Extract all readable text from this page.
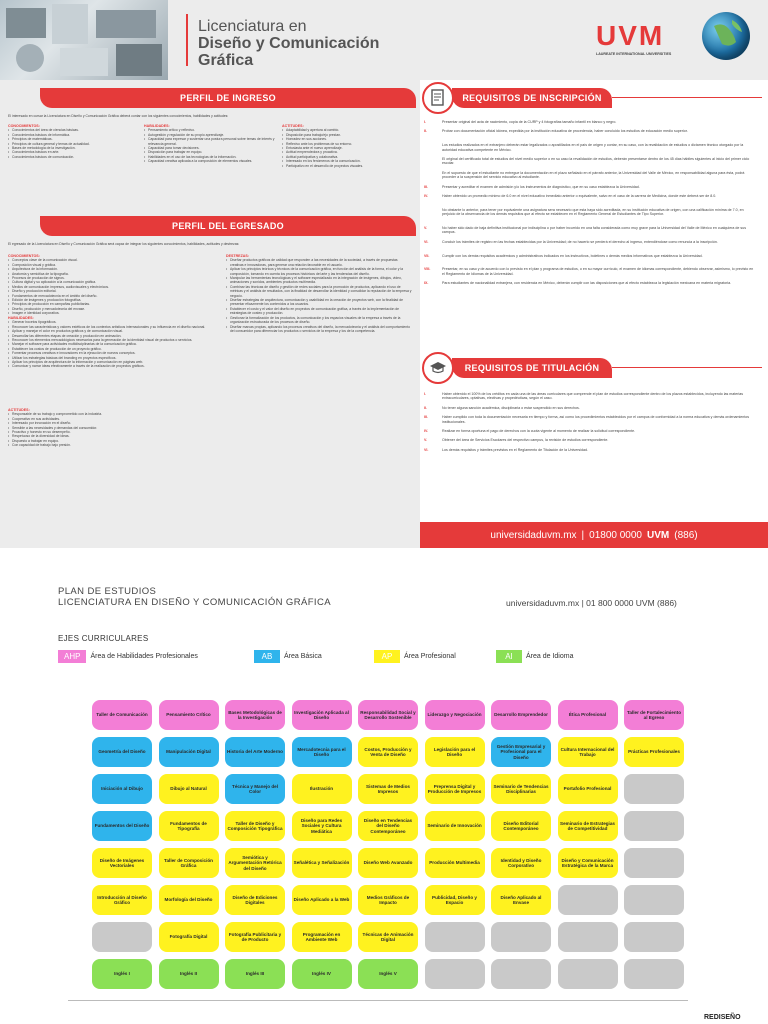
Licenciatura en
Diseño y Comunicación
Gráfica
UVM
LAUREATE INTERNATIONAL UNIVERSITIES
PERFIL DE INGRESO
El interesado en cursar la Licenciatura en Diseño y Comunicación Gráfica deberá contar con los siguientes conocimientos, habilidades y actitudes:
CONOCIMIENTOS:
• Conocimientos del área de ciencias básicas.
• Conocimientos básicos de informática.
• Principios de matemáticas.
• Principios de cultura general y temas de actualidad.
• Bases de metodología de la investigación.
• Conocimientos básicos en arte.
• Conocimientos básicos de comunicación.
HABILIDADES:
• Pensamiento crítico y reflexivo.
• Autogestión y regulación de su propio aprendizaje.
• Capacidad para expresar y sustentar una postura personal sobre temas de interés y relevancia general.
• Capacidad para tomar decisiones.
• Disposición para trabajar en equipo.
• Habilidades en el uso de las tecnologías de la información.
• Capacidad creativa aplicada a la composición de elementos visuales.
ACTITUDES:
• Adaptabilidad y apertura al cambio.
• Disposición para trabajo/ejo prestan.
• Honradez en sus acciones.
• Reflexivo ante los problemas de su entorno.
• Entusiasta ante el nuevo aprendizaje.
• Actitud emprendedora y proactiva.
• Actitud participativa y colaborativa.
• Interesado en los fenómenos de la comunicación.
• Participativo en el desarrollo de proyectos visuales.
PERFIL DEL EGRESADO
El egresado de la Licenciatura en Diseño y Comunicación Gráfica será capaz de integrar los siguientes conocimientos, habilidades, actitudes y destrezas:
CONOCIMIENTOS:
• Conceptos clave de la comunicación visual.
• Composición visual y gráfica.
• Arquitectura de la información.
• Anatomía y semiótica de la tipografía.
• Procesos de producción de signos.
• Cultura digital y su aplicación a la comunicación gráfica.
• Medios de comunicación impresos, audiovisuales y electrónicos.
• Diseño y producción editorial.
• Fundamentos de mercadotecnia en el ámbito del diseño.
• Edición de imágenes y producción fotográfica.
• Principios de producción en campañas publicitarias.
• Diseño, producción y mercadotecnia del envase.
• Imagen e identidad corporativa.
HABILIDADES:
• Generar bocetos tipográficos.
• Reconocer las características y valores estéticos de los contextos artísticos internacionales y su influencia en el diseño nacional.
• Aplicar y manejar el color en productos gráficos y de comunicación visual.
• Desarrollar las diferentes etapas de creación y producción en animación.
• Reconocer los elementos mercadológicos necesarios para la generación de la identidad visual de productos o servicios.
• Manejar el software para actividades multidisciplinarias de la comunicación gráfica.
• Establecer los costos de producción de un proyecto gráfico.
• Fomentar procesos creativos e innovadores en la ejecución de nuevos conceptos.
• Utilizar los estrategias básicas del branding en proyectos específicos.
• Aplicar los principios de arquitectura de la información y comunicación en páginas web.
• Comunicar y narrar ideas efectivamente a través de la realización de proyectos gráficos.
ACTITUDES:
• Responsable de su trabajo y comprometido con la industria.
• Cooperativo en sus actividades.
• Interesado por innovación en el diseño.
• Sensible a las necesidades y demandas del consumidor.
• Proactivo y honesto en su desempeño.
• Respetuoso de la diversidad de ideas.
• Dispuesto a trabajar en equipo.
• Con capacidad de trabajo bajo presión.
DESTREZAS:
• Diseñar productos gráficos de calidad que responden a las necesidades de la sociedad, a través de propuestas creativas e innovadoras, para generar una relación favorable en el usuario.
• Aplicar los principios teóricos y técnicos de la comunicación gráfica, en función del análisis de la forma, el color y la composición, tomando en cuenta los procesos históricos del arte y las tendencias del diseño.
• Manipular las herramientas tecnológicas y el software especializado en la integración de imágenes, dibujos, video, animaciones y sonidos, ambientes productos multimedia.
• Combinar las técnicas de diseño y gestión de redes sociales para la promoción de productos, aplicando el uso de métricas y el análisis de resultados, con la finalidad de desarrollar la identidad y consolidar la reputación de la empresa y negocio.
• Diseñar estrategias de arquitectura, comunicación y usabilidad en la creación de proyectos web, con la finalidad de presentar eficazmente los contenidos a los usuarios.
• Establecer el costo y el valor del diseño en proyectos de comunicación gráfica, a través de la implementación de estrategias de costeo y producción.
• Gestionar la formalización de los productos, la comunicación y los espacios visuales de la empresa a través de la organización estructurada de los procesos de diseño.
• Diseñar marcas propias, aplicando los procesos creativos del diseño, la mercadotecnia y el análisis del comportamiento del consumidor para diferenciar los productos o servicios de la empresa y los de la competencia.
REQUISITOS DE INSCRIPCIÓN
I.	Presentar original del acta de nacimiento, copia de la CURP y 4 fotografías tamaño infantil en blanco y negro.
II.	Probar con documentación oficial idónea, expedida por la institución educativa de procedencia, haber concluido los estudios de educación medio superior.
Los estudios realizados en el extranjero deberán estar legalizados o apostillados en el país de origen y contar, en su caso, con la revalidación de estudios o dictamen técnico otorgado por la autoridad educativa competente en México.
El original del certificado total de estudios del nivel medio superior o en su caso la revalidación de estudios, deberán presentarse dentro de los 45 días hábiles siguientes al inicio del primer ciclo escolar.
En el supuesto de que el estudiante no entregue la documentación en el plazo señalado en el párrafo anterior, la Universidad del Valle de México, en responsabilidad alguna para ésta, podrá proceder a la suspensión del servicio educativo al estudiante.
III.	Presentar y acreditar el examen de admisión y/o los instrumentos de diagnóstico, que en su caso establezca la Universidad.
IV.	Haber obtenido un promedio mínimo de 6.0 en el nivel educativo inmediato anterior o equivalente, salvo en el caso de la carrera de Medicina, donde este deberá ser de 8.0.
No obstante lo anterior, para tener por equivalente una asignatura sera necesario que esta haya sido acreditada, en su institución educativa de origen, con una calificación mínima de 7.0, en perjuicio de la observancia de los demás requisitos que al efecto se establecen en el Reglamento General de Estudiantes de Tipo Superior.
V.	No haber sido dado de baja definitiva institucional por indisciplina o por haber incurrido en una falta considerada como muy grave para la Universidad del Valle de México en cualquiera de sus campus.
VI.	Concluir los trámites de registro en las fechas establecidas por la Universidad; de no hacerlo se perderá el derecho al ingreso, entendiéndose como renuncia a la inscripción.
VII.	Cumplir con los demás requisitos académicos y administrativos indicados en los instructivos, boletines o demás medios informativos que establezca la Universidad.
VIII.	Presentar, en su caso y de acuerdo con lo previsto en el plan y programa de estudios, o en su mayor currículo, el examen de idiomas correspondiente, debiendo observar, asimismo, lo previsto en el Reglamento de Idiomas de la Universidad.
IX.	Para estudiantes de nacionalidad extranjera, con residencia en México, deberán cumplir con las disposiciones que al efecto establezca la legislación mexicana en materia migratoria.
REQUISITOS DE TITULACIÓN
I.	Haber obtenido el 100% de los créditos en cada una de las áreas curriculares que comprende el plan de estudios correspondiente dentro de los plazos establecidos, incluyendo las materias extracurriculares, optativas, electivas y propedéuticas, según el caso.
II.	No tener alguna sanción académica, disciplinaria o estar suspendido en sus derechos.
III.	Haber cumplido con toda la documentación necesaria en tiempo y forma, así como los procedimientos establecidos por el campus de conformidad a la norma educativa y demás ordenamientos institucionales.
IV.	Realizar en forma oportuna el pago de derechos con la cuota vigente al momento de realizar la solicitud correspondiente.
V.	Obtener del área de Servicios Escolares del respectivo campus, la revisión de estudios correspondiente.
VI.	Los demás requisitos y trámites previstos en el Reglamento de Titulación de la Universidad.
universidaduvm.mx | 01800 0000 UVM (886)
PLAN DE ESTUDIOS
LICENCIATURA EN DISEÑO Y COMUNICACIÓN GRÁFICA	universidaduvm.mx | 01 800 0000 UVM (886)
EJES CURRICULARES
AHP	Área de Habilidades Profesionales	AB	Área Básica	AP	Área Profesional	AI	Área de Idioma
Taller de Comunicación	Pensamiento Crítico
Bases Metodológicas de la Investigación
Investigación Aplicada al Diseño
Responsabilidad Social y Desarrollo Sostenible
Liderazgo y Negociación	Desarrollo Emprendedor	Ética Profesional
Taller de Fortalecimiento al Egreso
Geometría del Diseño	Manipulación Digital	Historia del Arte Moderno
Mercadotecnia para el Diseño
Costos, Producción y Venta de Diseño
Legislación para el Diseño
Gestión Empresarial y Profesional para el Diseño
Cultura Internacional del Trabajo
Prácticas Profesionales
Iniciación al Dibujo	Dibujo al Natural
Técnica y Manejo del Color
Ilustración
Sistemas de Medios Impresos
Preprensa Digital y Producción de Impresos
Seminario de Tendencias Disciplinarias
Portafolio Profesional
Fundamentos del Diseño
Fundamentos de Tipografía
Taller de Diseño y Composición Tipográfica
Diseño para Redes Sociales y Cultura Mediática
Diseño en Tendencias del Diseño Contemporáneo
Seminario de Innovación
Diseño Editorial Contemporáneo
Seminario de Estrategias de Competitividad
Diseño de Imágenes Vectoriales
Taller de Composición Gráfica
Semiótica y Argumentación Retórica del Diseño
Señalética y Señalización	Diseño Web Avanzado	Producción Multimedia
Identidad y Diseño Corporativo
Diseño y Comunicación Estratégica de la Marca
Introducción al Diseño Gráfico
Morfología del Diseño
Diseño de Ediciones Digitales
Diseño Aplicado a la Web
Medios Gráficos de Impacto
Publicidad, Diseño y Espacio
Diseño Aplicado al Envase
Fotografía Digital
Fotografía Publicitaria y de Producto
Programación en Ambiente Web
Técnicas de Animación Digital
Inglés I	Inglés II	Inglés III	Inglés IV	Inglés V
REDISEÑO
